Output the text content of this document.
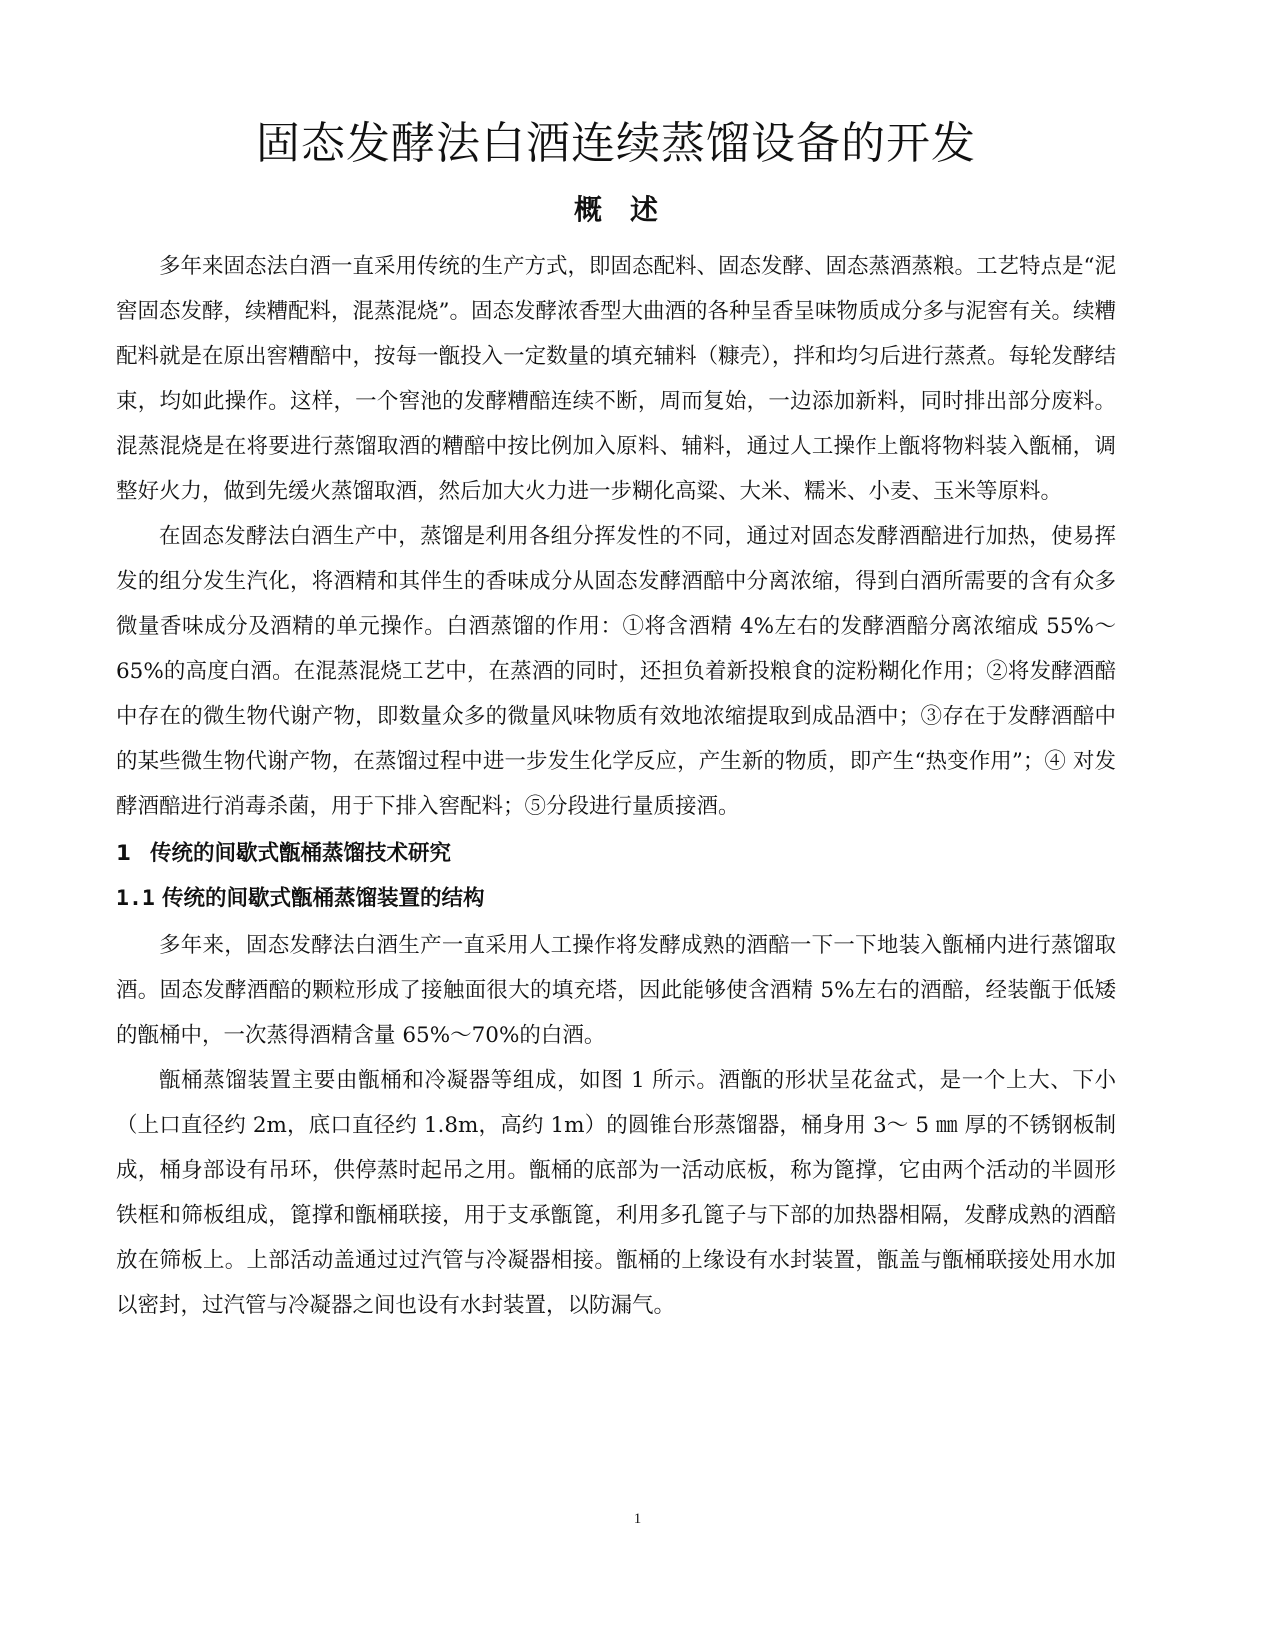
固态发酵法白酒连续蒸馏设备的开发
概　述

多年来固态法白酒一直采用传统的生产方式，即固态配料、固态发酵、固态蒸酒蒸粮。工艺特点是“泥窖固态发酵，续糟配料，混蒸混烧”。固态发酵浓香型大曲酒的各种呈香呈味物质成分多与泥窖有关。续糟配料就是在原出窖糟醅中，按每一甑投入一定数量的填充辅料（糠壳），拌和均匀后进行蒸煮。每轮发酵结束，均如此操作。这样，一个窖池的发酵糟醅连续不断，周而复始，一边添加新料，同时排出部分废料。混蒸混烧是在将要进行蒸馏取酒的糟醅中按比例加入原料、辅料，通过人工操作上甑将物料装入甑桶，调整好火力，做到先缓火蒸馏取酒，然后加大火力进一步糊化高粱、大米、糯米、小麦、玉米等原料。

在固态发酵法白酒生产中，蒸馏是利用各组分挥发性的不同，通过对固态发酵酒醅进行加热，使易挥发的组分发生汽化，将酒精和其伴生的香味成分从固态发酵酒醅中分离浓缩，得到白酒所需要的含有众多微量香味成分及酒精的单元操作。白酒蒸馏的作用：①将含酒精 4%左右的发酵酒醅分离浓缩成 55%～65%的高度白酒。在混蒸混烧工艺中，在蒸酒的同时，还担负着新投粮食的淀粉糊化作用；②将发酵酒醅中存在的微生物代谢产物，即数量众多的微量风味物质有效地浓缩提取到成品酒中；③存在于发酵酒醅中的某些微生物代谢产物，在蒸馏过程中进一步发生化学反应，产生新的物质，即产生“热变作用”；④ 对发酵酒醅进行消毒杀菌，用于下排入窖配料；⑤分段进行量质接酒。

1 传统的间歇式甑桶蒸馏技术研究
1.1 传统的间歇式甑桶蒸馏装置的结构

多年来，固态发酵法白酒生产一直采用人工操作将发酵成熟的酒醅一下一下地装入甑桶内进行蒸馏取酒。固态发酵酒醅的颗粒形成了接触面很大的填充塔，因此能够使含酒精 5%左右的酒醅，经装甑于低矮的甑桶中，一次蒸得酒精含量 65%～70%的白酒。

甑桶蒸馏装置主要由甑桶和冷凝器等组成，如图 1 所示。酒甑的形状呈花盆式，是一个上大、下小（上口直径约 2m，底口直径约 1.8m，高约 1m）的圆锥台形蒸馏器，桶身用 3～ 5 ㎜ 厚的不锈钢板制成，桶身部设有吊环，供停蒸时起吊之用。甑桶的底部为一活动底板，称为篦撑，它由两个活动的半圆形铁框和筛板组成，篦撑和甑桶联接，用于支承甑篦，利用多孔篦子与下部的加热器相隔，发酵成熟的酒醅放在筛板上。上部活动盖通过过汽管与冷凝器相接。甑桶的上缘设有水封装置，甑盖与甑桶联接处用水加以密封，过汽管与冷凝器之间也设有水封装置，以防漏气。

1
